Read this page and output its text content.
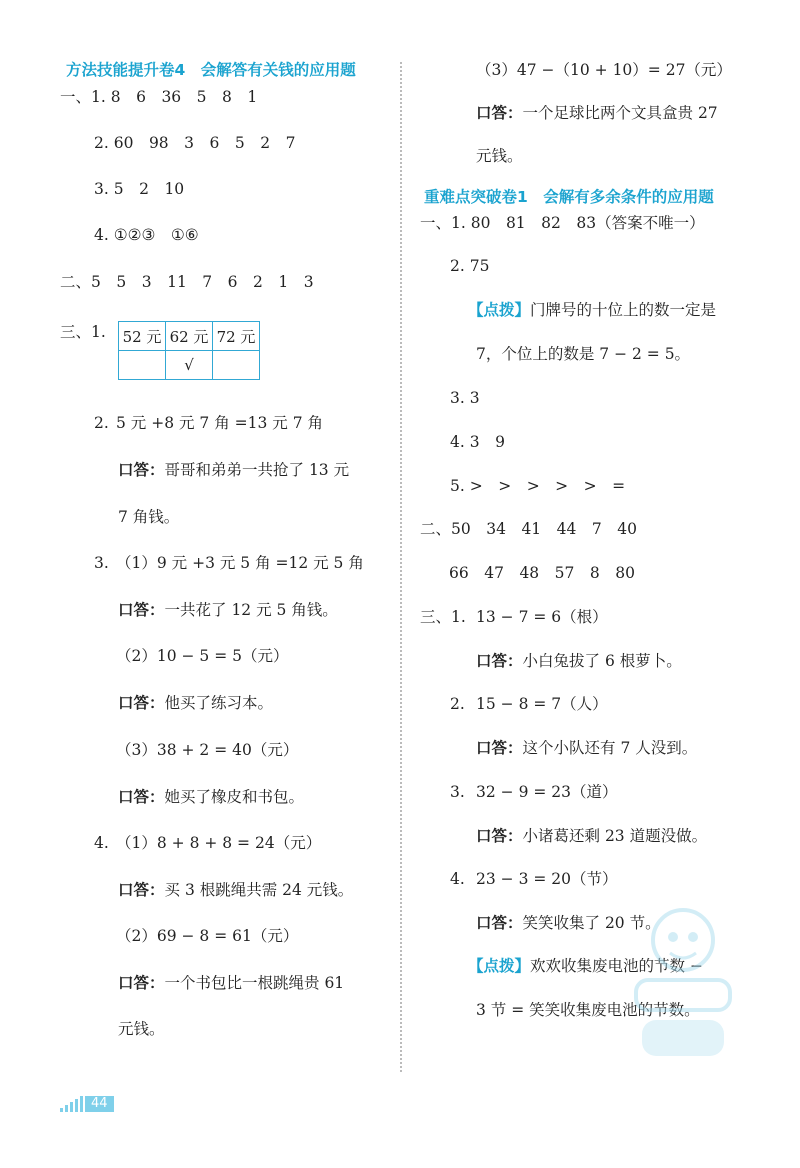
方法技能提升卷4　会解答有关钱的应用题
一、1. 8　6　36　5　8　1
2. 60　98　3　6　5　2　7
3. 5　2　10
4. ①②③　①⑥
二、5　5　3　11　7　6　2　1　3
三、1. 52 元	62 元	72 元
	√	
2. 5 元 +8 元 7 角 =13 元 7 角
口答：哥哥和弟弟一共抢了 13 元
7 角钱。
3. （1）9 元 +3 元 5 角 =12 元 5 角
口答：一共花了 12 元 5 角钱。
（2）10 − 5 = 5（元）
口答：他买了练习本。
（3）38 + 2 = 40（元）
口答：她买了橡皮和书包。
4. （1）8 + 8 + 8 = 24（元）
口答：买 3 根跳绳共需 24 元钱。
（2）69 − 8 = 61（元）
口答：一个书包比一根跳绳贵 61
元钱。
（3）47 −（10 + 10）= 27（元）
口答：一个足球比两个文具盒贵 27
元钱。
重难点突破卷1　会解有多余条件的应用题
一、1. 80　81　82　83（答案不唯一）
2. 75
【点拨】门牌号的十位上的数一定是
7，个位上的数是 7 − 2 = 5。
3. 3
4. 3　9
5. >　>　>　>　>　=
二、50　34　41　44　7　40
66　47　48　57　8　80
三、1. 13 − 7 = 6（根）
口答：小白兔拔了 6 根萝卜。
2. 15 − 8 = 7（人）
口答：这个小队还有 7 人没到。
3. 32 − 9 = 23（道）
口答：小诸葛还剩 23 道题没做。
4. 23 − 3 = 20（节）
口答：笑笑收集了 20 节。
【点拨】欢欢收集废电池的节数 −
3 节 = 笑笑收集废电池的节数。
44
